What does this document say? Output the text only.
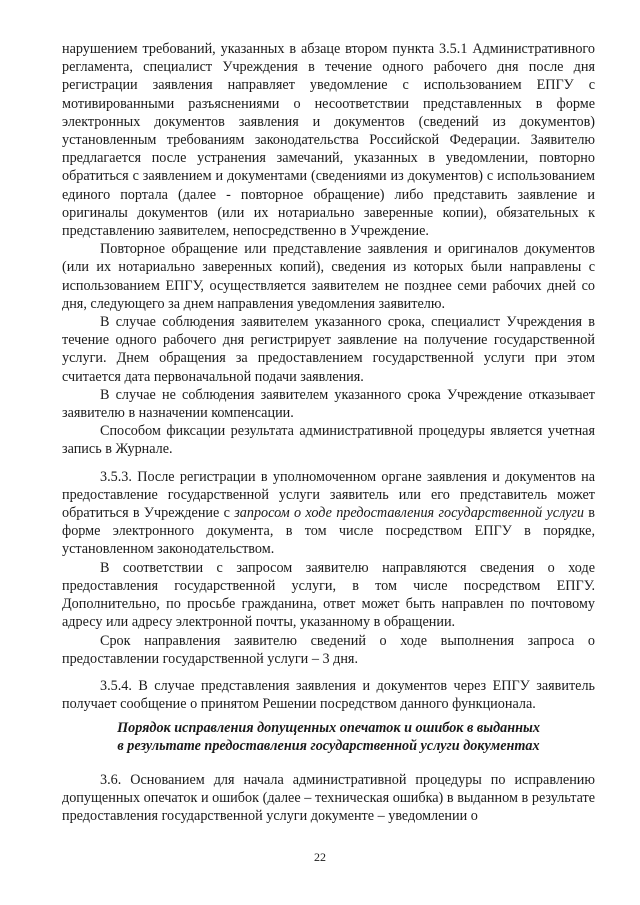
нарушением требований, указанных в абзаце втором пункта 3.5.1 Административного регламента, специалист Учреждения в течение одного рабочего дня после дня регистрации заявления направляет уведомление с использованием ЕПГУ с мотивированными разъяснениями о несоответствии представленных в форме электронных документов заявления и документов (сведений из документов) установленным требованиям законодательства Российской Федерации. Заявителю предлагается после устранения замечаний, указанных в уведомлении, повторно обратиться с заявлением и документами (сведениями из документов) с использованием единого портала (далее - повторное обращение) либо представить заявление и оригиналы документов (или их нотариально заверенные копии), обязательных к представлению заявителем, непосредственно в Учреждение.

Повторное обращение или представление заявления и оригиналов документов (или их нотариально заверенных копий), сведения из которых были направлены с использованием ЕПГУ, осуществляется заявителем не позднее семи рабочих дней со дня, следующего за днем направления уведомления заявителю.

В случае соблюдения заявителем указанного срока, специалист Учреждения в течение одного рабочего дня регистрирует заявление на получение государственной услуги. Днем обращения за предоставлением государственной услуги при этом считается дата первоначальной подачи заявления.

В случае не соблюдения заявителем указанного срока Учреждение отказывает заявителю в назначении компенсации.

Способом фиксации результата административной процедуры является учетная запись в Журнале.

3.5.3. После регистрации в уполномоченном органе заявления и документов на предоставление государственной услуги заявитель или его представитель может обратиться в Учреждение с запросом о ходе предоставления государственной услуги в форме электронного документа, в том числе посредством ЕПГУ в порядке, установленном законодательством.

В соответствии с запросом заявителю направляются сведения о ходе предоставления государственной услуги, в том числе посредством ЕПГУ. Дополнительно, по просьбе гражданина, ответ может быть направлен по почтовому адресу или адресу электронной почты, указанному в обращении.

Срок направления заявителю сведений о ходе выполнения запроса о предоставлении государственной услуги – 3 дня.

3.5.4. В случае представления заявления и документов через ЕПГУ заявитель получает сообщение о принятом Решении посредством данного функционала.

Порядок исправления допущенных опечаток и ошибок в выданных
в результате предоставления государственной услуги документах

3.6. Основанием для начала административной процедуры по исправлению допущенных опечаток и ошибок (далее – техническая ошибка) в выданном в результате предоставления государственной услуги документе – уведомлении о

22
